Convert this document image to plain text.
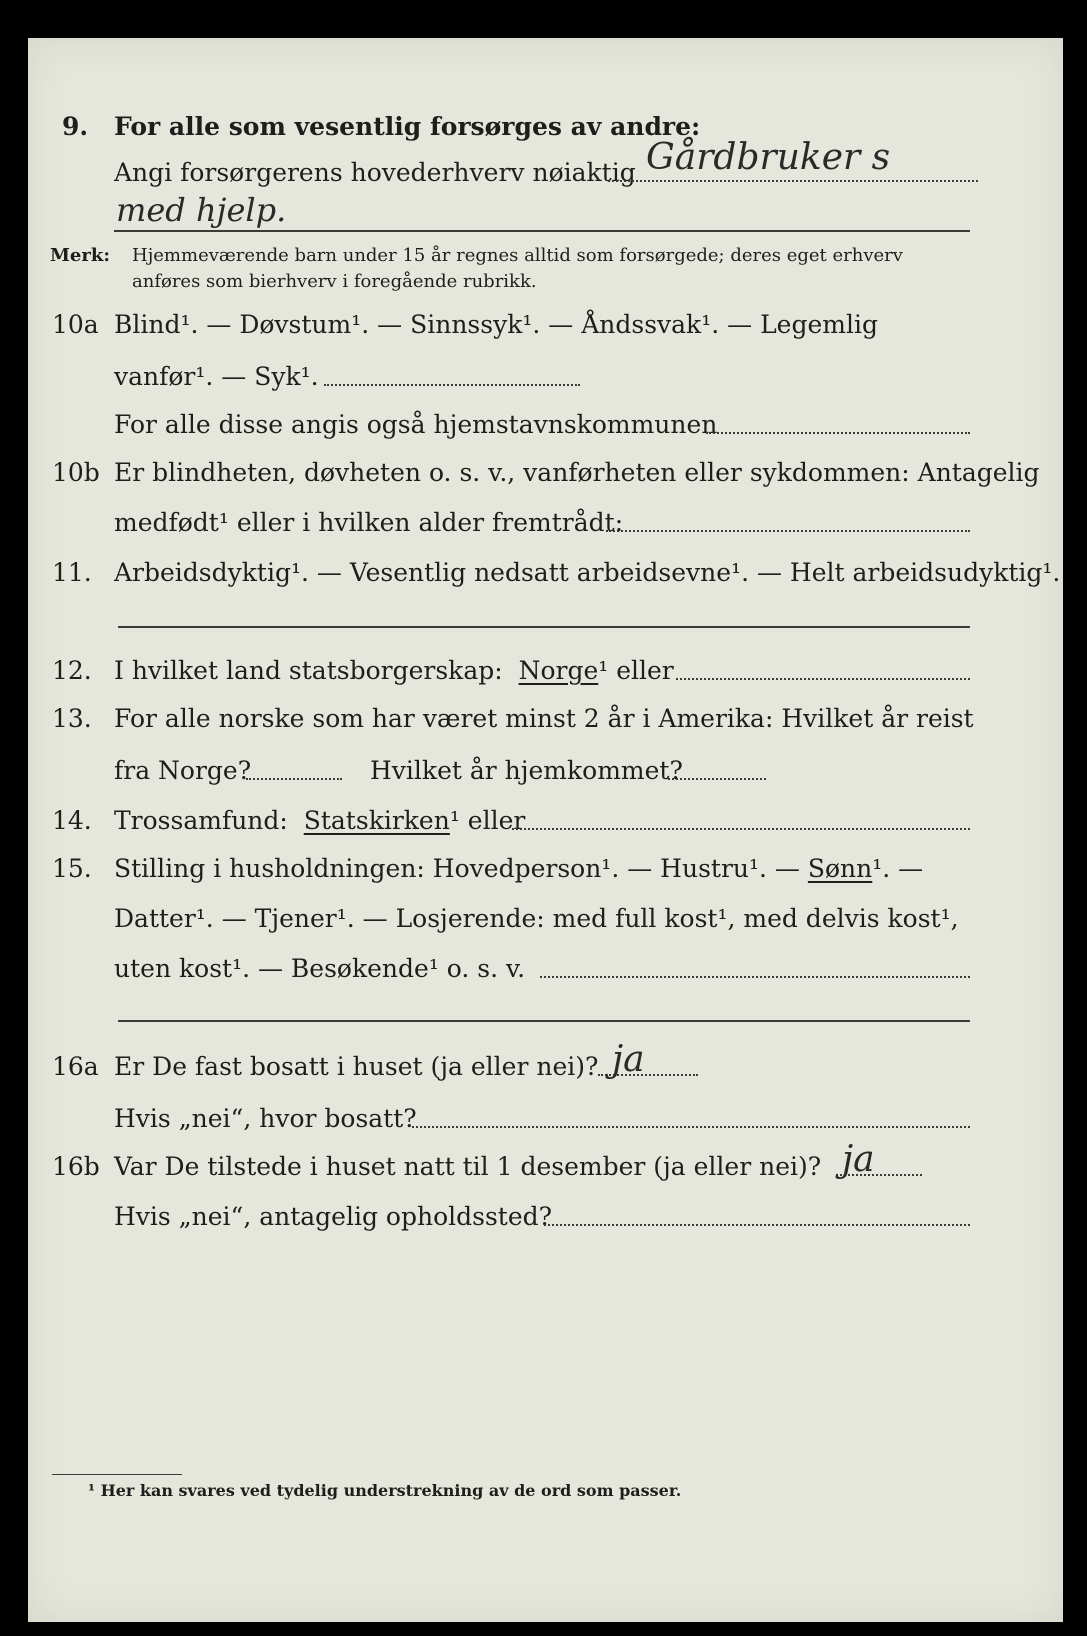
9. For alle som vesentlig forsørges av andre:
Angi forsørgerens hovederhverv nøiaktig Gårdbruker s
med hjelp.
Merk: Hjemmeværende barn under 15 år regnes alltid som forsørgede; deres eget erhverv
anføres som bierhverv i foregående rubrikk.
10a Blind¹. — Døvstum¹. — Sinnssyk¹. — Åndssvak¹. — Legemlig
vanfør¹. — Syk¹.
For alle disse angis også hjemstavnskommunen
10b Er blindheten, døvheten o. s. v., vanførheten eller sykdommen: Antagelig
medfødt¹ eller i hvilken alder fremtrådt:
11. Arbeidsdyktig¹. — Vesentlig nedsatt arbeidsevne¹. — Helt arbeidsudyktig¹.
12. I hvilket land statsborgerskap: Norge¹ eller
13. For alle norske som har været minst 2 år i Amerika: Hvilket år reist
fra Norge?	Hvilket år hjemkommet?
14. Trossamfund: Statskirken¹ eller
15. Stilling i husholdningen: Hovedperson¹. — Hustru¹. — Sønn¹. —
Datter¹. — Tjener¹. — Losjerende: med full kost¹, med delvis kost¹,
uten kost¹. — Besøkende¹ o. s. v.
16a Er De fast bosatt i huset (ja eller nei)? ja
Hvis „nei“, hvor bosatt?
16b Var De tilstede i huset natt til 1 desember (ja eller nei)? ja
Hvis „nei“, antagelig opholdssted?
¹ Her kan svares ved tydelig understrekning av de ord som passer.
